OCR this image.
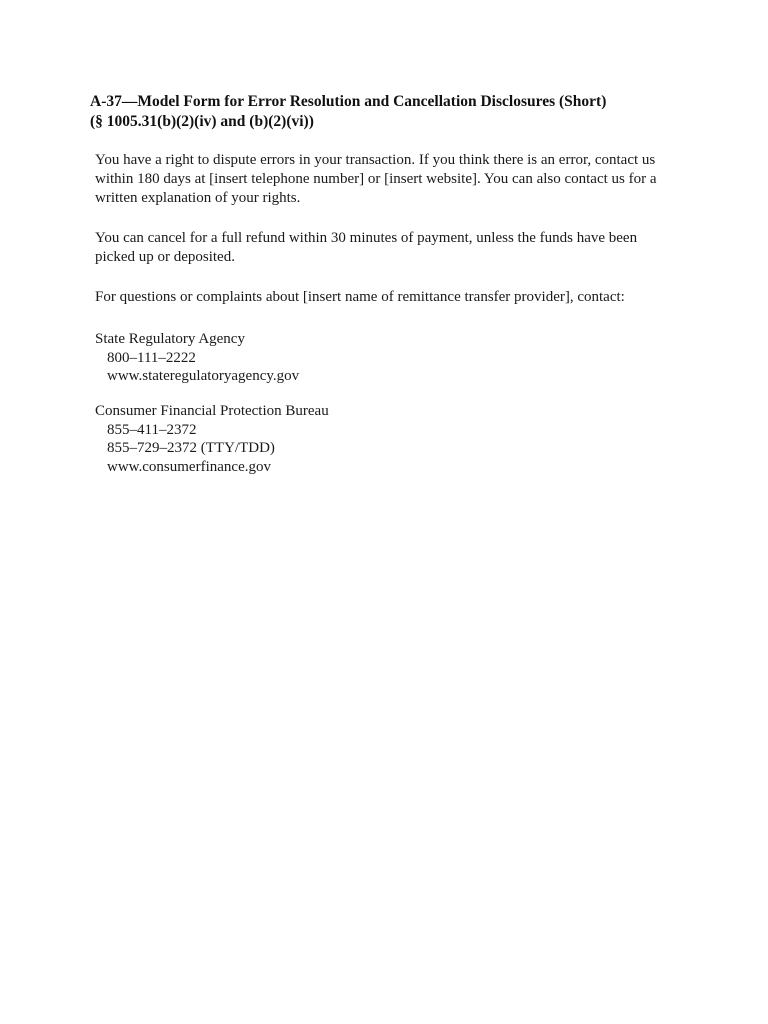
A-37—Model Form for Error Resolution and Cancellation Disclosures (Short)
(§ 1005.31(b)(2)(iv) and (b)(2)(vi))
You have a right to dispute errors in your transaction. If you think there is an error, contact us
within 180 days at [insert telephone number] or [insert website]. You can also contact us for a
written explanation of your rights.
You can cancel for a full refund within 30 minutes of payment, unless the funds have been
picked up or deposited.
For questions or complaints about [insert name of remittance transfer provider], contact:
State Regulatory Agency
800–111–2222
www.stateregulatoryagency.gov
Consumer Financial Protection Bureau
855–411–2372
855–729–2372 (TTY/TDD)
www.consumerfinance.gov
